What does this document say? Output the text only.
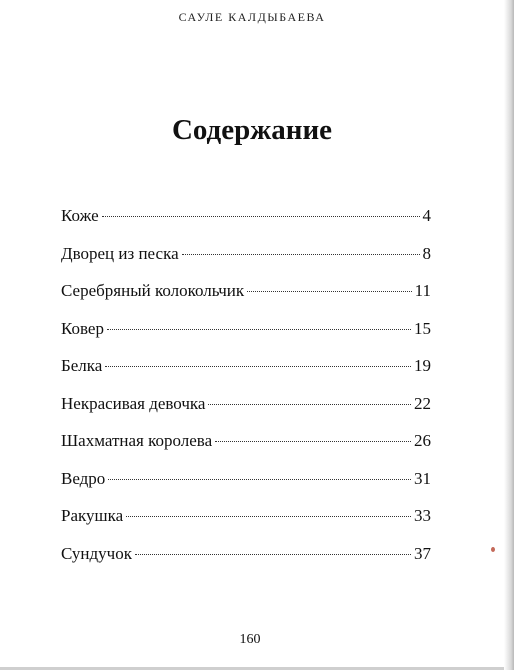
САУЛЕ КАЛДЫБАЕВА
Содержание
Коже	4
Дворец из песка	8
Серебряный колокольчик	11
Ковер	15
Белка	19
Некрасивая девочка	22
Шахматная королева	26
Ведро	31
Ракушка	33
Сундучок	37
160
